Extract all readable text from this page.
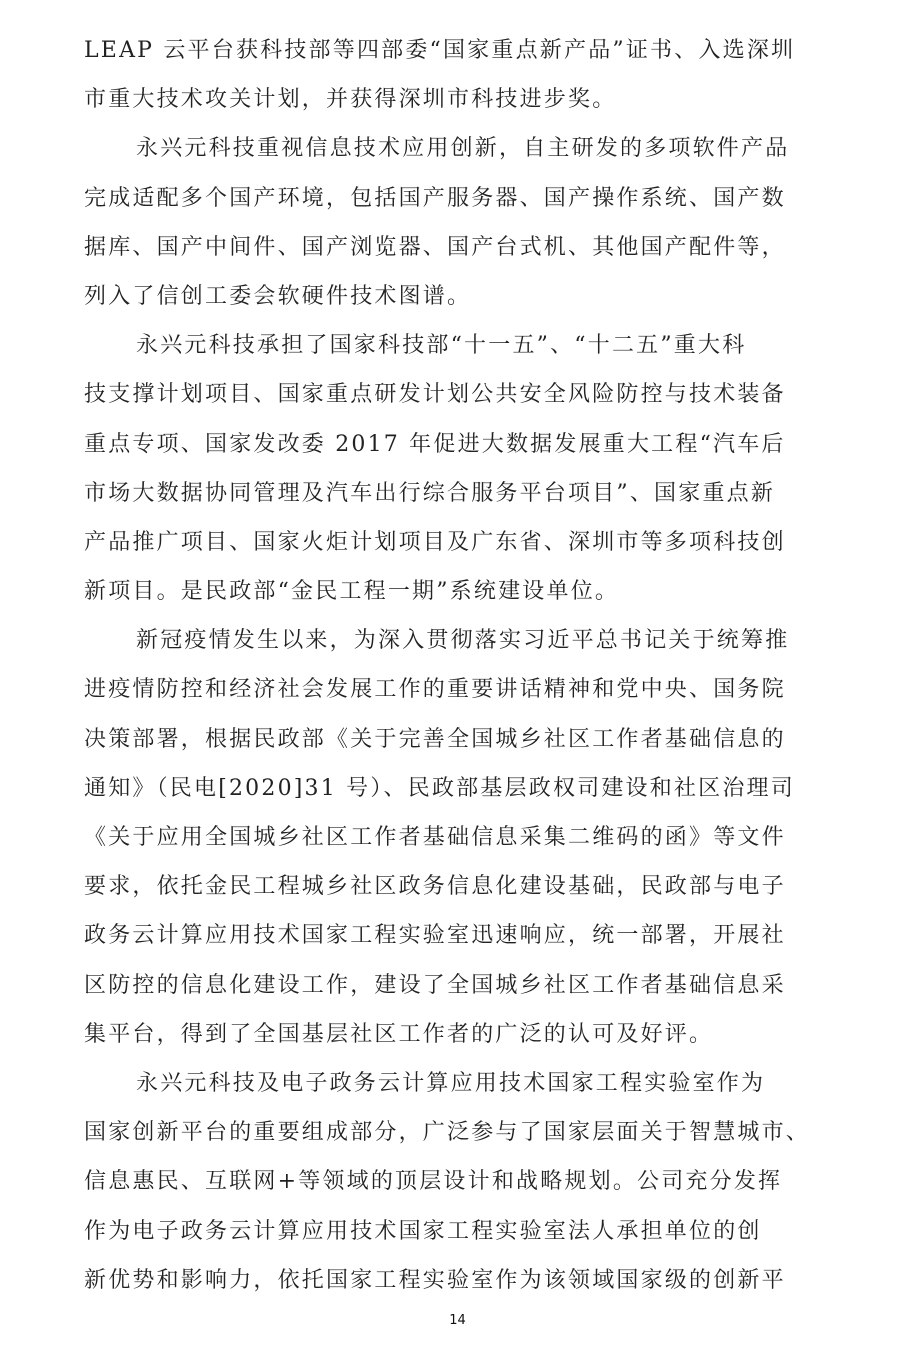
LEAP 云平台获科技部等四部委“国家重点新产品”证书、入选深圳
市重大技术攻关计划，并获得深圳市科技进步奖。
永兴元科技重视信息技术应用创新，自主研发的多项软件产品
完成适配多个国产环境，包括国产服务器、国产操作系统、国产数
据库、国产中间件、国产浏览器、国产台式机、其他国产配件等，
列入了信创工委会软硬件技术图谱。
永兴元科技承担了国家科技部“十一五”、“十二五”重大科
技支撑计划项目、国家重点研发计划公共安全风险防控与技术装备
重点专项、国家发改委 2017 年促进大数据发展重大工程“汽车后
市场大数据协同管理及汽车出行综合服务平台项目”、国家重点新
产品推广项目、国家火炬计划项目及广东省、深圳市等多项科技创
新项目。是民政部“金民工程一期”系统建设单位。
新冠疫情发生以来，为深入贯彻落实习近平总书记关于统筹推
进疫情防控和经济社会发展工作的重要讲话精神和党中央、国务院
决策部署，根据民政部《关于完善全国城乡社区工作者基础信息的
通知》（民电[2020]31 号）、民政部基层政权司建设和社区治理司
《关于应用全国城乡社区工作者基础信息采集二维码的函》等文件
要求，依托金民工程城乡社区政务信息化建设基础，民政部与电子
政务云计算应用技术国家工程实验室迅速响应，统一部署，开展社
区防控的信息化建设工作，建设了全国城乡社区工作者基础信息采
集平台，得到了全国基层社区工作者的广泛的认可及好评。
永兴元科技及电子政务云计算应用技术国家工程实验室作为
国家创新平台的重要组成部分，广泛参与了国家层面关于智慧城市、
信息惠民、互联网+等领域的顶层设计和战略规划。公司充分发挥
作为电子政务云计算应用技术国家工程实验室法人承担单位的创
新优势和影响力，依托国家工程实验室作为该领域国家级的创新平
14
